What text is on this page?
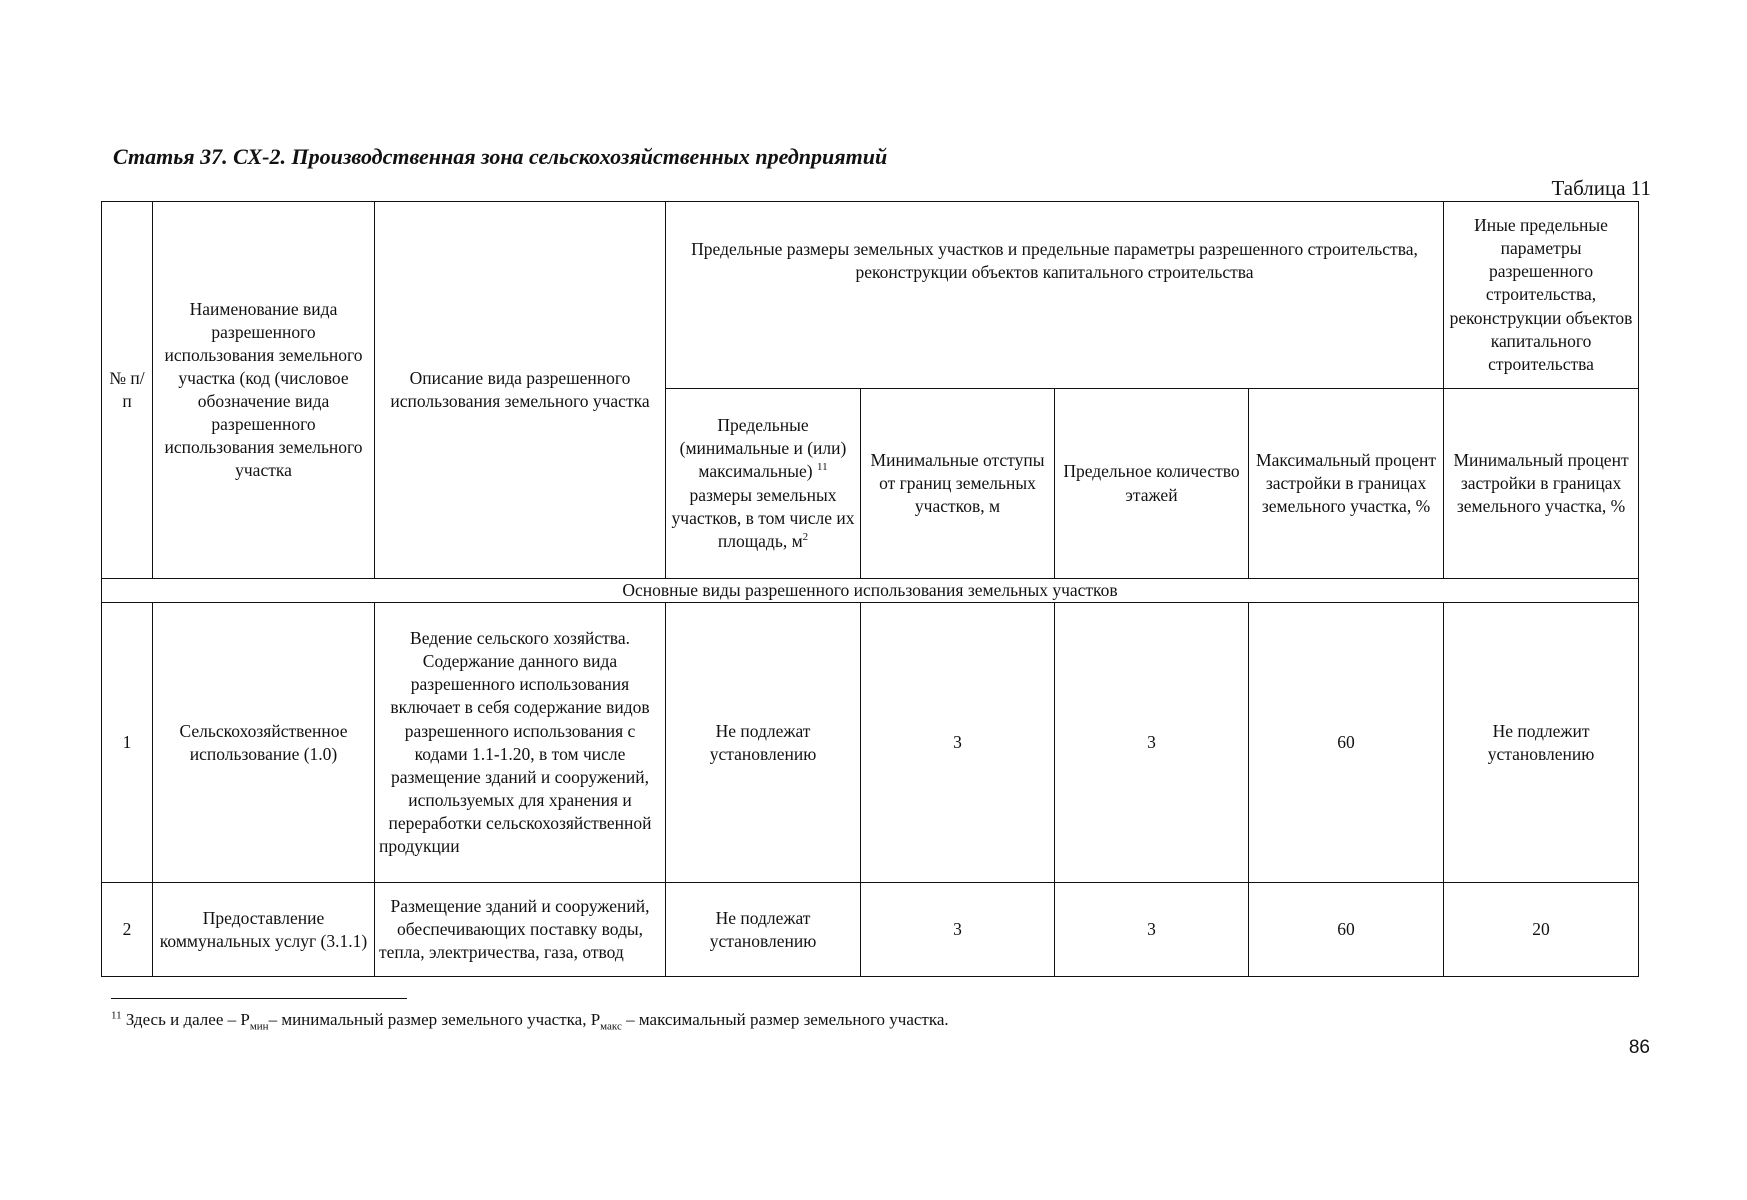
Статья 37. СХ-2. Производственная зона сельскохозяйственных предприятий
Таблица 11
№ п/п	Наименование вида разрешенного использования земельного участка (код (числовое обозначение вида разрешенного использования земельного участка	Описание вида разрешенного использования земельного участка	Предельные размеры земельных участков и предельные параметры разрешенного строительства, реконструкции объектов капитального строительства				Иные предельные параметры разрешенного строительства, реконструкции объектов капитального строительства
			Предельные (минимальные и (или) максимальные) $^{11}$ размеры земельных участков, в том числе их площадь, $м^2$	Минимальные отступы от границ земельных участков, м	Предельное количество этажей	Максимальный процент застройки в границах земельного участка, %	Минимальный процент застройки в границах земельного участка, %
Основные виды разрешенного использования земельных участков							
1	Сельскохозяйственное использование (1.0)	Ведение сельского хозяйства. Содержание данного вида разрешенного использования включает в себя содержание видов разрешенного использования с кодами 1.1-1.20, в том числе размещение зданий и сооружений, используемых для хранения и переработки сельскохозяйственной продукции	Не подлежат установлению	3	3	60	Не подлежит установлению
2	Предоставление коммунальных услуг (3.1.1)	Размещение зданий и сооружений, обеспечивающих поставку воды, тепла, электричества, газа, отвод	Не подлежат установлению	3	3	60	20
$^{11}$ Здесь и далее – $Р_{мин}-$ минимальный размер земельного участка, $Р_{макс}$ – максимальный размер земельного участка.
86
